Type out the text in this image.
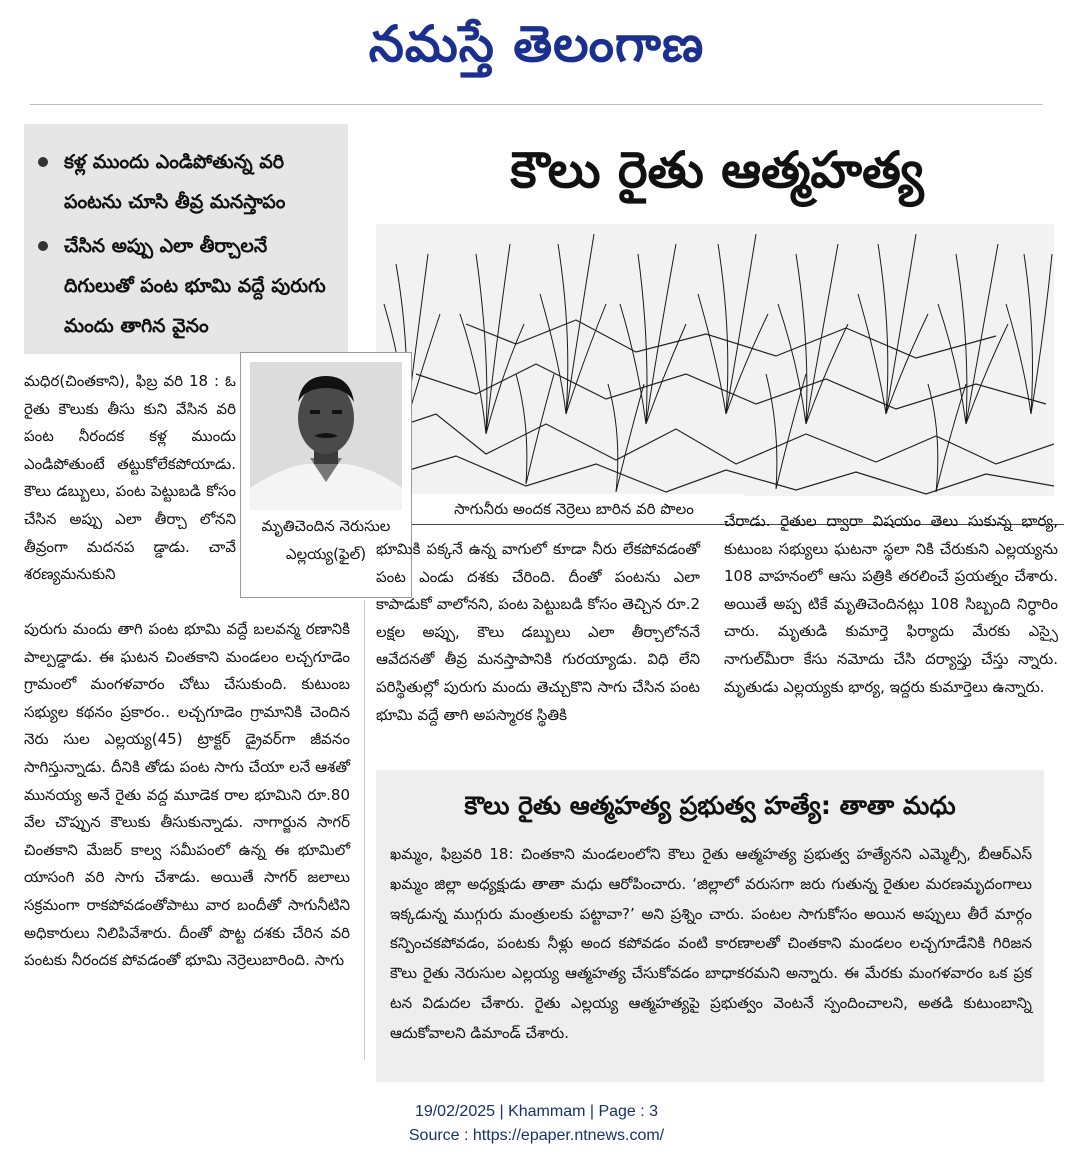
నమస్తే తెలంగాణ
కళ్ల ముందు ఎండిపోతున్న వరి పంటను చూసి తీవ్ర మనస్తాపం
చేసిన అప్పు ఎలా తీర్చాలనే దిగులుతో పంట భూమి వద్దే పురుగు మందు తాగిన వైనం
కౌలు రైతు ఆత్మహత్య
సాగునీరు అందక నెర్రెలు బారిన వరి పొలం
మృతిచెందిన నెరుసుల ఎల్లయ్య(ఫైల్)

మధిర(చింతకాని), ఫిబ్ర వరి 18 : ఓ రైతు కౌలుకు తీసు కుని వేసిన వరి పంట నీరందక కళ్ల ముందు ఎండిపోతుంటే తట్టుకోలేకపోయాడు. కౌలు డబ్బులు, పంట పెట్టుబడి కోసం చేసిన అప్పు ఎలా తీర్చా లోనని తీవ్రంగా మదనప డ్డాడు. చావే శరణ్యమనుకుని

పురుగు మందు తాగి పంట భూమి వద్దే బలవన్మ రణానికి పాల్పడ్డాడు. ఈ ఘటన చింతకాని మండలం లచ్చగూడెం గ్రామంలో మంగళవారం చోటు చేసుకుంది. కుటుంబ సభ్యుల కథనం ప్రకారం.. లచ్చగూడెం గ్రామానికి చెందిన నెరు సుల ఎల్లయ్య(45) ట్రాక్టర్ డ్రైవర్‌గా జీవనం సాగిస్తున్నాడు. దీనికి తోడు పంట సాగు చేయా లనే ఆశతో మునయ్య అనే రైతు వద్ద మూడెక రాల భూమిని రూ.80 వేల చొప్పున కౌలుకు తీసుకున్నాడు. నాగార్జున సాగర్ చింతకాని మేజర్ కాల్వ సమీపంలో ఉన్న ఈ భూమిలో యాసంగి వరి సాగు చేశాడు. అయితే సాగర్ జలాలు సక్రమంగా రాకపోవడంతోపాటు వార బందీతో సాగునీటిని అధికారులు నిలిపివేశారు. దీంతో పొట్ట దశకు చేరిన వరి పంటకు నీరందక పోవడంతో భూమి నెర్రెలుబారింది. సాగు

భూమికి పక్కనే ఉన్న వాగులో కూడా నీరు లేకపోవడంతో పంట ఎండు దశకు చేరింది. దీంతో పంటను ఎలా కాపాడుకో వాలోనని, పంట పెట్టుబడి కోసం తెచ్చిన రూ.2 లక్షల అప్పు, కౌలు డబ్బులు ఎలా తీర్చాలోననే ఆవేదనతో తీవ్ర మనస్తాపానికి గురయ్యాడు. విధి లేని పరిస్థితుల్లో పురుగు మందు తెచ్చుకొని సాగు చేసిన పంట భూమి వద్దే తాగి అపస్మారక స్థితికి

చేరాడు. రైతుల ద్వారా విషయం తెలు సుకున్న భార్య, కుటుంబ సభ్యులు ఘటనా స్థలా నికి చేరుకుని ఎల్లయ్యను 108 వాహనంలో ఆసు పత్రికి తరలించే ప్రయత్నం చేశారు. అయితే అప్ప టికే మృతిచెందినట్లు 108 సిబ్బంది నిర్ధారిం చారు. మృతుడి కుమార్తె ఫిర్యాదు మేరకు ఎస్సై నాగుల్‌మీరా కేసు నమోదు చేసి దర్యాప్తు చేస్తు న్నారు. మృతుడు ఎల్లయ్యకు భార్య, ఇద్దరు కుమార్తెలు ఉన్నారు.

కౌలు రైతు ఆత్మహత్య ప్రభుత్వ హత్యే: తాతా మధు
ఖమ్మం, ఫిబ్రవరి 18: చింతకాని మండలంలోని కౌలు రైతు ఆత్మహత్య ప్రభుత్వ హత్యేనని ఎమ్మెల్సీ, బీఆర్‌ఎస్ ఖమ్మం జిల్లా అధ్యక్షుడు తాతా మధు ఆరోపించారు. ‘జిల్లాలో వరుసగా జరు గుతున్న రైతుల మరణమృదంగాలు ఇక్కడున్న ముగ్గురు మంత్రులకు పట్టావా?’ అని ప్రశ్నిం చారు. పంటల సాగుకోసం అయిన అప్పులు తీరే మార్గం కన్పించకపోవడం, పంటకు నీళ్లు అంద కపోవడం వంటి కారణాలతో చింతకాని మండలం లచ్చగూడేనికి గిరిజన కౌలు రైతు నెరుసుల ఎల్లయ్య ఆత్మహత్య చేసుకోవడం బాధాకరమని అన్నారు. ఈ మేరకు మంగళవారం ఒక ప్రక టన విడుదల చేశారు. రైతు ఎల్లయ్య ఆత్మహత్యపై ప్రభుత్వం వెంటనే స్పందించాలని, అతడి కుటుంబాన్ని ఆదుకోవాలని డిమాండ్ చేశారు.
19/02/2025 | Khammam | Page : 3
Source : https://epaper.ntnews.com/
